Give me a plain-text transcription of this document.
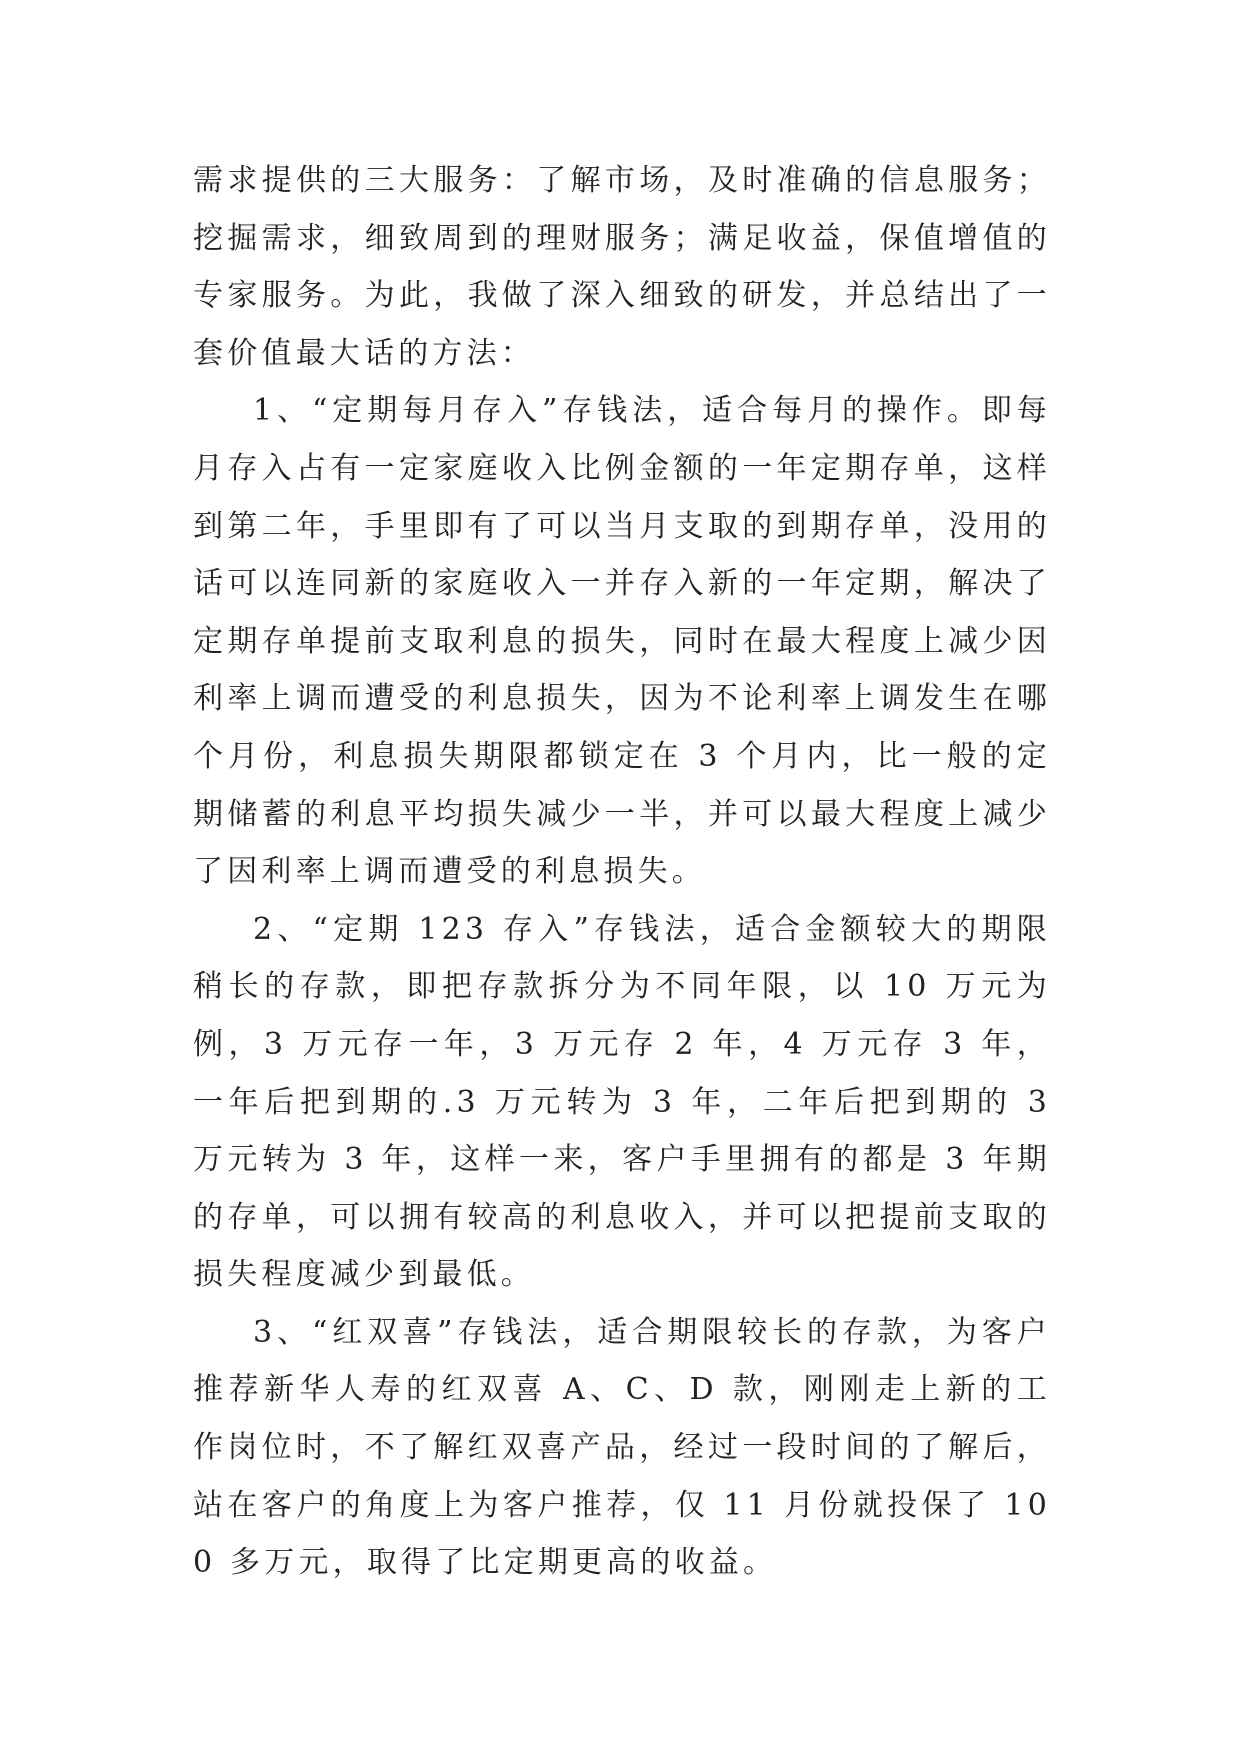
需求提供的三大服务：了解市场，及时准确的信息服务；挖掘需求，细致周到的理财服务；满足收益，保值增值的专家服务。为此，我做了深入细致的研发，并总结出了一套价值最大话的方法：

1、“定期每月存入”存钱法，适合每月的操作。即每月存入占有一定家庭收入比例金额的一年定期存单，这样到第二年，手里即有了可以当月支取的到期存单，没用的话可以连同新的家庭收入一并存入新的一年定期，解决了定期存单提前支取利息的损失，同时在最大程度上减少因利率上调而遭受的利息损失，因为不论利率上调发生在哪个月份，利息损失期限都锁定在 3 个月内，比一般的定期储蓄的利息平均损失减少一半，并可以最大程度上减少了因利率上调而遭受的利息损失。

2、“定期 123 存入”存钱法，适合金额较大的期限稍长的存款，即把存款拆分为不同年限，以 10 万元为例，3 万元存一年，3 万元存 2 年，4 万元存 3 年，一年后把到期的.3 万元转为 3 年，二年后把到期的 3 万元转为 3 年，这样一来，客户手里拥有的都是 3 年期的存单，可以拥有较高的利息收入，并可以把提前支取的损失程度减少到最低。

3、“红双喜”存钱法，适合期限较长的存款，为客户推荐新华人寿的红双喜 A、C、D 款，刚刚走上新的工作岗位时，不了解红双喜产品，经过一段时间的了解后，站在客户的角度上为客户推荐，仅 11 月份就投保了 100 多万元，取得了比定期更高的收益。
